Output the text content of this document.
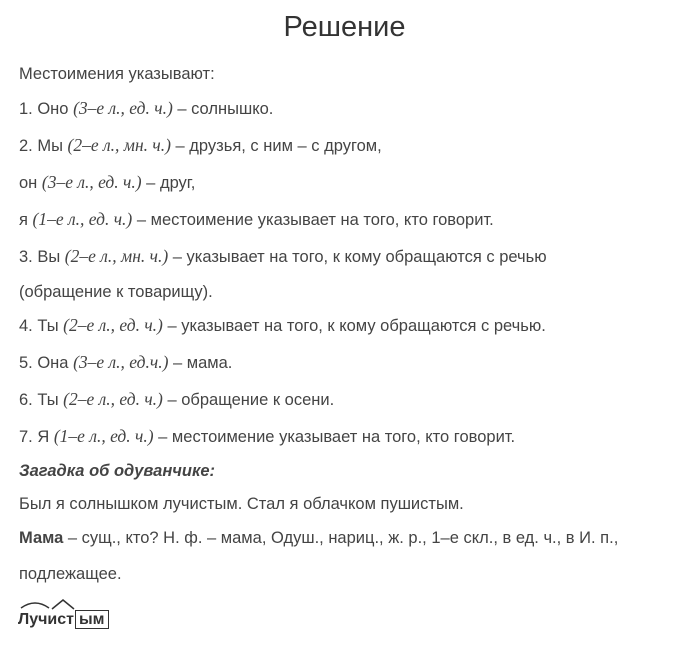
Решение
Местоимения указывают:
1. Оно (3–е л., ед. ч.) – солнышко.
2. Мы (2–е л., мн. ч.) – друзья, с ним – с другом,
он (3–е л., ед. ч.) – друг,
я (1–е л., ед. ч.) – местоимение указывает на того, кто говорит.
3. Вы (2–е л., мн. ч.) – указывает на того, к кому обращаются с речью
(обращение к товарищу).
4. Ты (2–е л., ед. ч.) – указывает на того, к кому обращаются с речью.
5. Она (3–е л., ед.ч.) – мама.
6. Ты (2–е л., ед. ч.) – обращение к осени.
7. Я (1–е л., ед. ч.) – местоимение указывает на того, кто говорит.
Загадка об одуванчике:
Был я солнышком лучистым. Стал я облачком пушистым.
Мама – сущ., кто? Н. ф. – мама, Одуш., нариц., ж. р., 1–е скл., в ед. ч., в И. п.,
подлежащее.
Лучист ым
